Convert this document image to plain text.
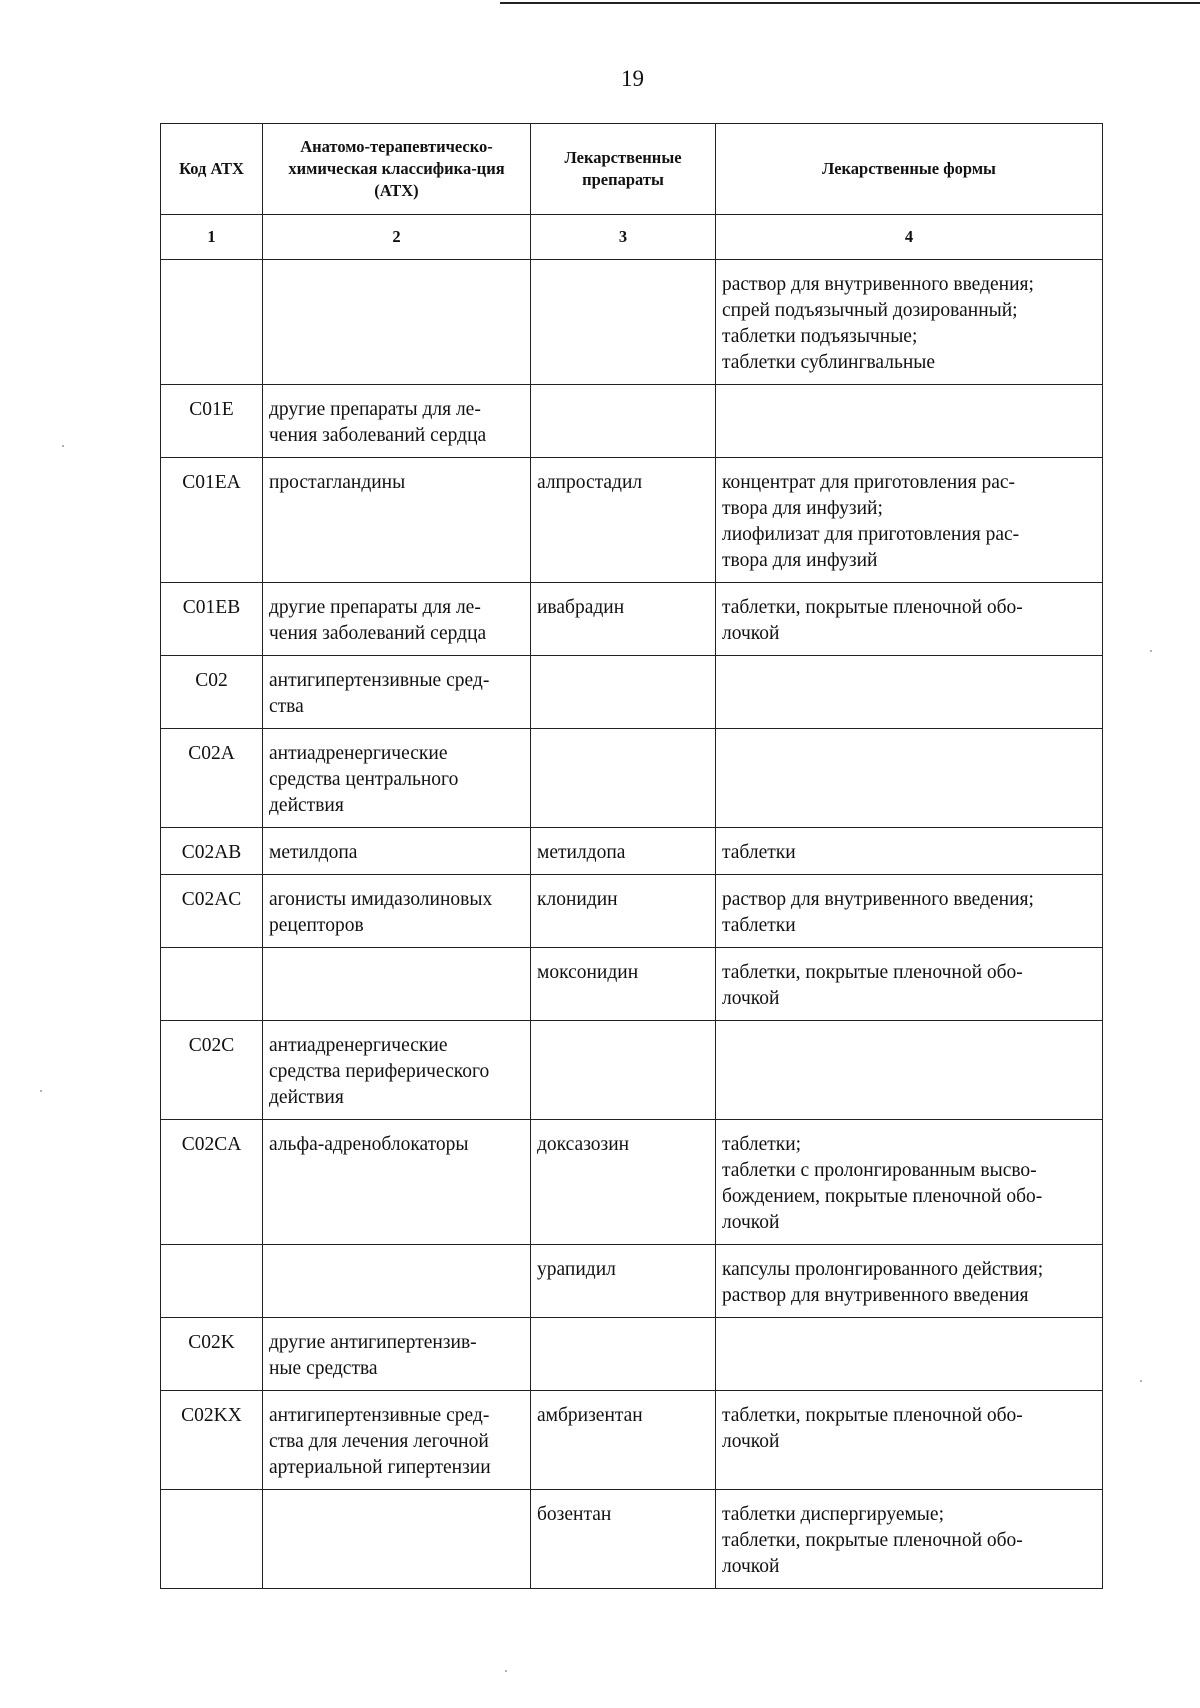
19
Код АТХ	Анатомо-терапевтическо-химическая классифика-ция (АТХ)	Лекарственные препараты	Лекарственные формы
1	2	3	4
			раствор для внутривенного введения;
спрей подъязычный дозированный;
таблетки подъязычные;
таблетки сублингвальные
C01E	другие препараты для ле-
чения заболеваний сердца		
C01EA	простагландины	алпростадил	концентрат для приготовления рас-
твора для инфузий;
лиофилизат для приготовления рас-
твора для инфузий
C01EB	другие препараты для ле-
чения заболеваний сердца	ивабрадин	таблетки, покрытые пленочной обо-
лочкой
C02	антигипертензивные сред-
ства		
C02A	антиадренергические
средства центрального
действия		
C02AB	метилдопа	метилдопа	таблетки
C02AC	агонисты имидазолиновых
рецепторов	клонидин	раствор для внутривенного введения;
таблетки
		моксонидин	таблетки, покрытые пленочной обо-
лочкой
C02C	антиадренергические
средства периферического
действия		
C02CA	альфа-адреноблокаторы	доксазозин	таблетки;
таблетки с пролонгированным высво-
бождением, покрытые пленочной обо-
лочкой
		урапидил	капсулы пролонгированного действия;
раствор для внутривенного введения
C02K	другие антигипертензив-
ные средства		
C02KX	антигипертензивные сред-
ства для лечения легочной
артериальной гипертензии	амбризентан	таблетки, покрытые пленочной обо-
лочкой
		бозентан	таблетки диспергируемые;
таблетки, покрытые пленочной обо-
лочкой
